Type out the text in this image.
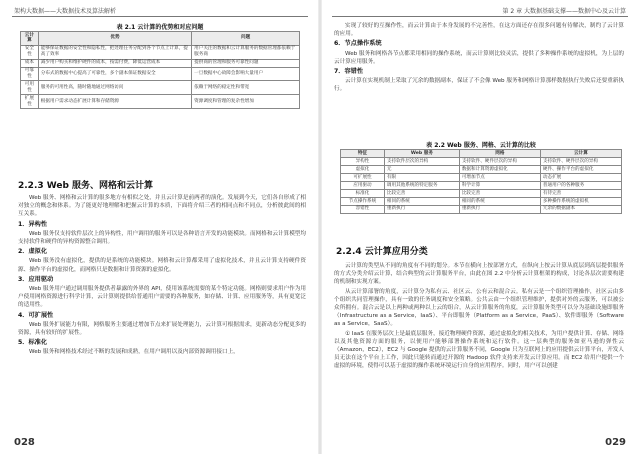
架构大数据——大数据技术及算法解析
表 2.1 云计算的优势和对应问题
云计算	优势	问题
安全性	能够保证数据的安全性和隐私性，把处理任务分配到各个节点上计算，提高了效率	用户关注的数据和云计算服务的数据管理都依赖于服务商
成本	减少用户购买和维护硬件的成本，按需付费，降低运营成本	提供商的管理和服务可靠性问题
可靠性	分布式的数据中心提高了可靠性，多个副本保证数据安全	一旦数据中心故障会影响大量用户
可用性	服务的可用性高，随时随地通过网络访问	依赖于网络的稳定性和带宽
扩展性	根据用户需求动态扩展计算和存储资源	资源调度和管理的复杂性增加
2.2.3 Web 服务、网格和云计算

Web 服务、网格和云计算的很多地方有相似之处，并且云计算是前两者的演化。发展到今天，它们各自形成了相对独立的概念和体系。为了能更好地理解和把握云计算的本质，下面将介绍三者的相同点和不同点，分析彼此间的相互关系。

1．异构性

Web 服务仅支持软件层次上的异构性，用户调用的服务可以是各种语言开发的功能模块。而网格和云计算模型均支持软件和硬件的异构资源整合调用。

2．虚拟化

Web 服务没有虚拟化，提供的是系统的功能模块。网格和云计算都采用了虚拟化技术，并且云计算支持硬件资源、操作平台的虚拟化，而网格只是数据和计算资源的虚拟化。

3．应用驱动

Web 服务用户通过调用服务提供者暴露的外界的 API，使用该系统需要的某个特定功能。网格则要求用户作为用户使用网格资源进行科学计算，云计算则提供给普通用户需要的各种服务，如存储、计算、应用服务等，具有更宽泛的适用性。

4．可扩展性

Web 服务扩展能力有限，网格服务主要通过增加节点来扩展处理能力，云计算可根据需求，更新动态分配更多的资源，具有较好的扩展性。

5．标准化

Web 服务和网格技术经过不断的发展和成熟，在用户调用以及内部资源调用接口上，

028
第 2 章 大数据基础支撑——数据中心及云计算

实现了较好的互操作性，而云计算由于本身发展的不完善性，在这方面还存在很多问题有待解决，制约了云计算的应用。

6．节点操作系统

Web 服务和网格各节点都采用相同的操作系统，而云计算则比较灵活，提供了多种操作系统的虚拟机，为上层的云计算应用服务。

7．容错性

云计算在实现机制上采取了冗余的数据副本，保证了不会像 Web 服务和网格计算那样数据执行失败后还要重新执行。

表 2.2 Web 服务、网格、云计算的比较
特征	Web 服务	网格	云计算
异构性	支持软件层次的异构	支持软件、硬件层次的异构	支持软件、硬件层次的异构
虚拟化	无	数据和计算资源虚拟化	硬件、操作平台的虚拟化
可扩展性	有限	可增加节点	动态扩展
应用驱动	调用其他系统的特定服务	科学计算	普通用户的各种服务
标准化	比较完善	比较完善	有待完善
节点操作系统	相同的系统	相同的系统	多种操作系统的虚拟机
容错性	重新执行	重新执行	冗余的数据副本
2.2.4 云计算应用分类

云计算的类型从不同的角度有不同的划分。本节在横向上按部署方式，在纵向上按云计算从底层到高层提供服务的方式分类介绍云计算，结合典型的云计算服务平台，由此在图 2.2 中分析云计算框架的构成，讨论各层次需要构建的机制和实现方案。

从云计算部署的角度，云计算分为私有云、社区云、公有云和混合云。私有云是一个组织管理操作，社区云由多个组织共同管理操作，具有一致的任务调度和安全策略。公共云由一个组织管理维护，提供对外的云服务，可以被公众所拥有。混合云是以上两种或两种以上云的组合，从云计算服务的角度，云计算服务类型可以分为基础设施即服务（Infrastructure as a Service，IaaS）、平台即服务（Platform as a Service，PaaS）、软件即服务（Software as a Service，SaaS）。

① IaaS 在服务层次上是最底层服务，接近物理硬件资源，通过虚拟化的相关技术，为用户提供计算、存储、网络以及其他资源方面的服务，以便用户能够部署操作系统和运行软件。这一层典型的服务如亚马逊的弹性云（Amazon，EC2），EC2 与 Google 提供的云计算服务不同，Google 只为互联网上的应用提供云计算平台，开发人员无法在这个平台上工作，因此只能转而通过开源的 Hadoop 软件支持来开发云计算应用。而 EC2 给用户提供一个虚拟的环境，使得可以基于虚拟的操作系统环境运行自身的应用程序。同时，用户可以创建

029
